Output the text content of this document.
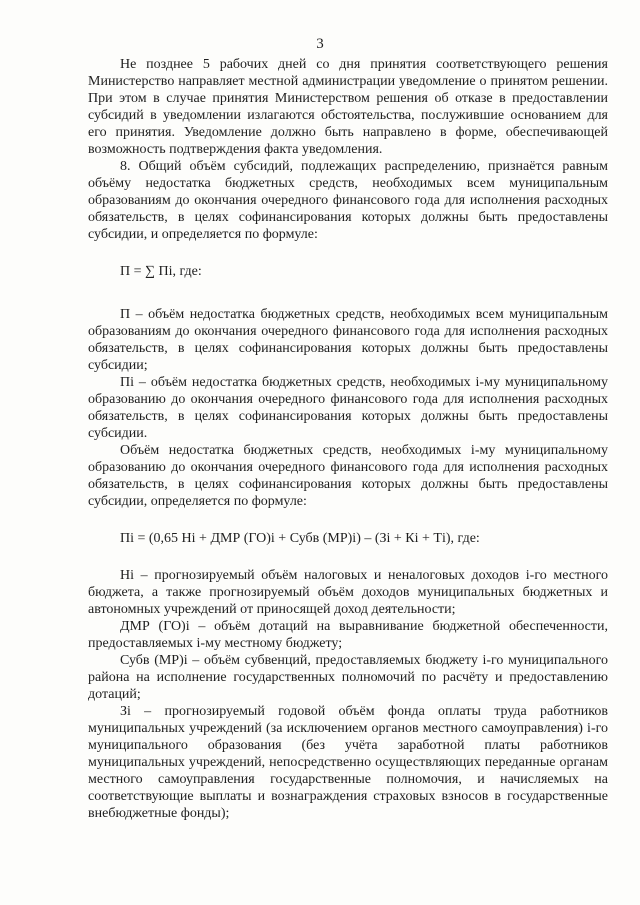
3

Не позднее 5 рабочих дней со дня принятия соответствующего решения Министерство направляет местной администрации уведомление о принятом решении. При этом в случае принятия Министерством решения об отказе в предоставлении субсидий в уведомлении излагаются обстоятельства, послужившие основанием для его принятия. Уведомление должно быть направлено в форме, обеспечивающей возможность подтверждения факта уведомления.

8. Общий объём субсидий, подлежащих распределению, признаётся равным объёму недостатка бюджетных средств, необходимых всем муниципальным образованиям до окончания очередного финансового года для исполнения расходных обязательств, в целях софинансирования которых должны быть предоставлены субсидии, и определяется по формуле:

П = ∑ Пi, где:

П – объём недостатка бюджетных средств, необходимых всем муниципальным образованиям до окончания очередного финансового года для исполнения расходных обязательств, в целях софинансирования которых должны быть предоставлены субсидии;

Пi – объём недостатка бюджетных средств, необходимых i-му муниципальному образованию до окончания очередного финансового года для исполнения расходных обязательств, в целях софинансирования которых должны быть предоставлены субсидии.

Объём недостатка бюджетных средств, необходимых i-му муниципальному образованию до окончания очередного финансового года для исполнения расходных обязательств, в целях софинансирования которых должны быть предоставлены субсидии, определяется по формуле:

Пi = (0,65 Нi + ДМР (ГО)i + Субв (МР)i) – (Зi + Кi + Тi), где:

Нi – прогнозируемый объём налоговых и неналоговых доходов i-го местного бюджета, а также прогнозируемый объём доходов муниципальных бюджетных и автономных учреждений от приносящей доход деятельности;

ДМР (ГО)i – объём дотаций на выравнивание бюджетной обеспеченности, предоставляемых i-му местному бюджету;

Субв (МР)i – объём субвенций, предоставляемых бюджету i-го муниципального района на исполнение государственных полномочий по расчёту и предоставлению дотаций;

Зi – прогнозируемый годовой объём фонда оплаты труда работников муниципальных учреждений (за исключением органов местного самоуправления) i-го муниципального образования (без учёта заработной платы работников муниципальных учреждений, непосредственно осуществляющих переданные органам местного самоуправления государственные полномочия, и начисляемых на соответствующие выплаты и вознаграждения страховых взносов в государственные внебюджетные фонды);
